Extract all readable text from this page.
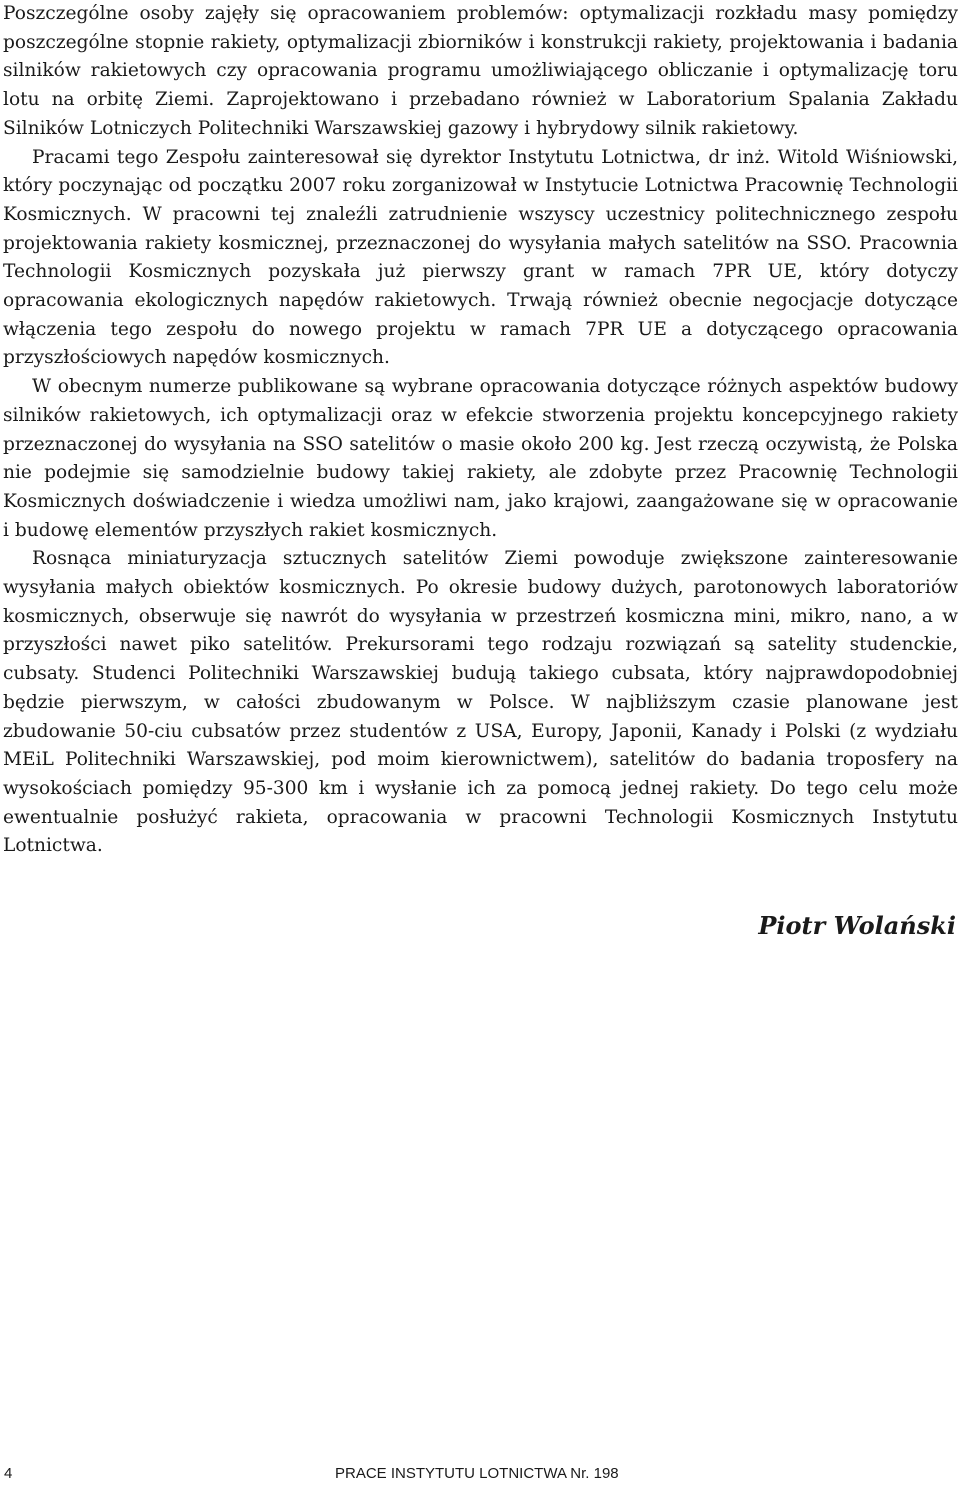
Poszczególne osoby zajęły się opracowaniem problemów: optymalizacji rozkładu masy pomiędzy poszczególne stopnie rakiety, optymalizacji zbiorników i konstrukcji rakiety, projektowania i badania silników rakietowych czy opracowania programu umożliwiającego obliczanie i optymalizację toru lotu na orbitę Ziemi. Zaprojektowano i przebadano również w Laboratorium Spalania Zakładu Silników Lotniczych Politechniki Warszawskiej gazowy i hybrydowy silnik rakietowy.

Pracami tego Zespołu zainteresował się dyrektor Instytutu Lotnictwa, dr inż. Witold Wiśniowski, który poczynając od początku 2007 roku zorganizował w Instytucie Lotnictwa Pracownię Technologii Kosmicznych. W pracowni tej znaleźli zatrudnienie wszyscy uczestnicy politechnicznego zespołu projektowania rakiety kosmicznej, przeznaczonej do wysyłania małych satelitów na SSO. Pracownia Technologii Kosmicznych pozyskała już pierwszy grant w ramach 7PR UE, który dotyczy opracowania ekologicznych napędów rakietowych. Trwają również obecnie negocjacje dotyczące włączenia tego zespołu do nowego projektu w ramach 7PR UE a dotyczącego opracowania przyszłościowych napędów kosmicznych.

W obecnym numerze publikowane są wybrane opracowania dotyczące różnych aspektów budowy silników rakietowych, ich optymalizacji oraz w efekcie stworzenia projektu koncepcyjnego rakiety przeznaczonej do wysyłania na SSO satelitów o masie około 200 kg. Jest rzeczą oczywistą, że Polska nie podejmie się samodzielnie budowy takiej rakiety, ale zdobyte przez Pracownię Technologii Kosmicznych doświadczenie i wiedza umożliwi nam, jako krajowi, zaangażowane się w opracowanie i budowę elementów przyszłych rakiet kosmicznych.

Rosnąca miniaturyzacja sztucznych satelitów Ziemi powoduje zwiększone zainteresowanie wysyłania małych obiektów kosmicznych. Po okresie budowy dużych, parotonowych laboratoriów kosmicznych, obserwuje się nawrót do wysyłania w przestrzeń kosmiczna mini, mikro, nano, a w przyszłości nawet piko satelitów. Prekursorami tego rodzaju rozwiązań są satelity studenckie, cubsaty. Studenci Politechniki Warszawskiej budują takiego cubsata, który najprawdopodobniej będzie pierwszym, w całości zbudowanym w Polsce. W najbliższym czasie planowane jest zbudowanie 50-ciu cubsatów przez studentów z USA, Europy, Japonii, Kanady i Polski (z wydziału MEiL Politechniki Warszawskiej, pod moim kierownictwem), satelitów do badania troposfery na wysokościach pomiędzy 95-300 km i wysłanie ich za pomocą jednej rakiety. Do tego celu może ewentualnie posłużyć rakieta, opracowania w pracowni Technologii Kosmicznych Instytutu Lotnictwa.

Piotr Wolański

4	PRACE INSTYTUTU LOTNICTWA Nr. 198
